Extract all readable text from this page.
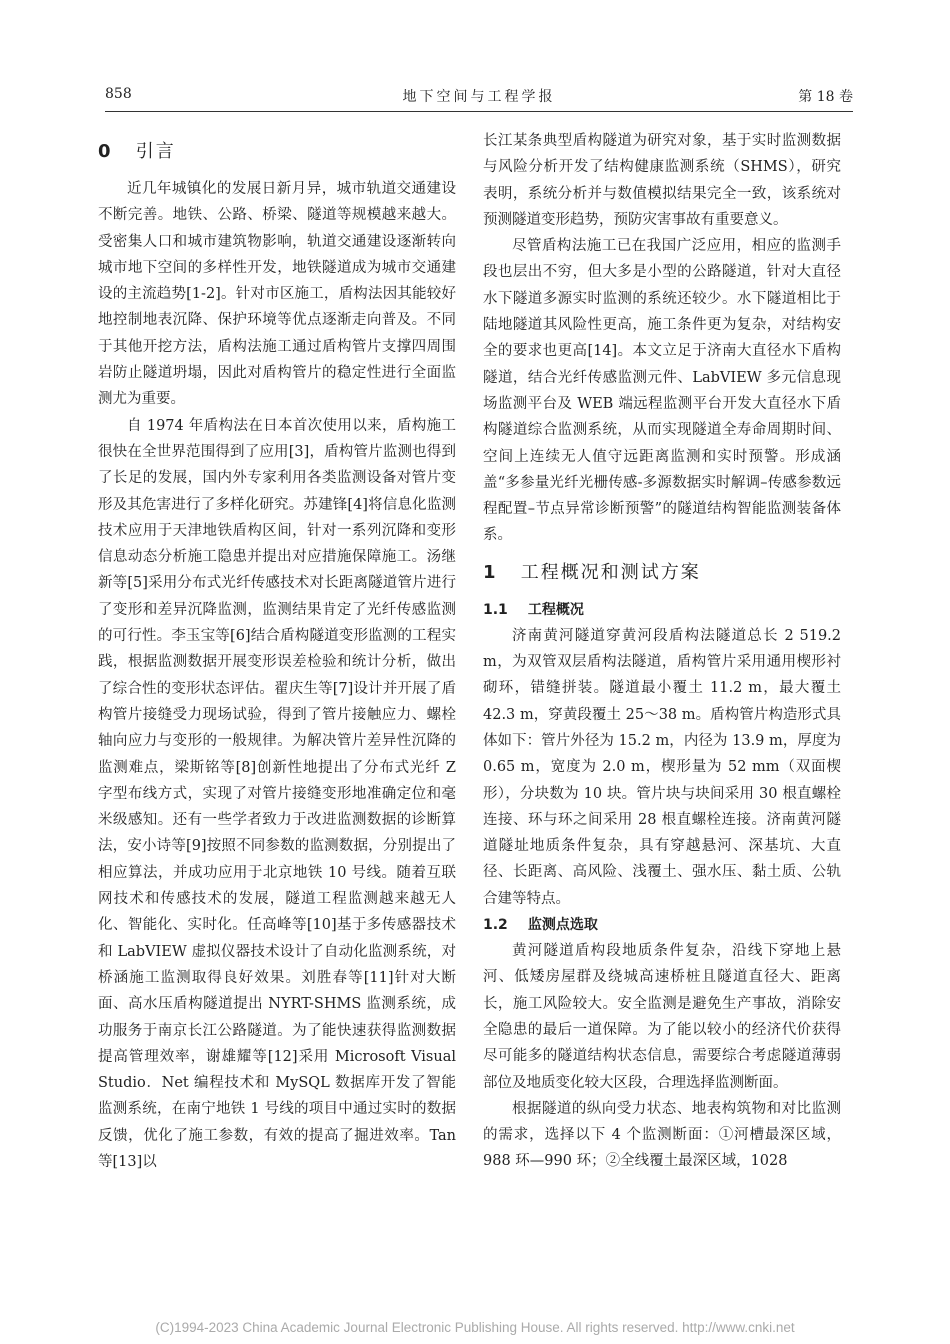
858	地下空间与工程学报	第 18 卷
0 引言

近几年城镇化的发展日新月异，城市轨道交通建设不断完善。地铁、公路、桥梁、隧道等规模越来越大。受密集人口和城市建筑物影响，轨道交通建设逐渐转向城市地下空间的多样性开发，地铁隧道成为城市交通建设的主流趋势[1-2]。针对市区施工，盾构法因其能较好地控制地表沉降、保护环境等优点逐渐走向普及。不同于其他开挖方法，盾构法施工通过盾构管片支撑四周围岩防止隧道坍塌，因此对盾构管片的稳定性进行全面监测尤为重要。

自 1974 年盾构法在日本首次使用以来，盾构施工很快在全世界范围得到了应用[3]，盾构管片监测也得到了长足的发展，国内外专家利用各类监测设备对管片变形及其危害进行了多样化研究。苏建锋[4]将信息化监测技术应用于天津地铁盾构区间，针对一系列沉降和变形信息动态分析施工隐患并提出对应措施保障施工。汤继新等[5]采用分布式光纤传感技术对长距离隧道管片进行了变形和差异沉降监测，监测结果肯定了光纤传感监测的可行性。李玉宝等[6]结合盾构隧道变形监测的工程实践，根据监测数据开展变形误差检验和统计分析，做出了综合性的变形状态评估。翟庆生等[7]设计并开展了盾构管片接缝受力现场试验，得到了管片接触应力、螺栓轴向应力与变形的一般规律。为解决管片差异性沉降的监测难点，梁斯铭等[8]创新性地提出了分布式光纤 Z 字型布线方式，实现了对管片接缝变形地准确定位和毫米级感知。还有一些学者致力于改进监测数据的诊断算法，安小诗等[9]按照不同参数的监测数据，分别提出了相应算法，并成功应用于北京地铁 10 号线。随着互联网技术和传感技术的发展，隧道工程监测越来越无人化、智能化、实时化。任高峰等[10]基于多传感器技术和 LabVIEW 虚拟仪器技术设计了自动化监测系统，对桥涵施工监测取得良好效果。刘胜春等[11]针对大断面、高水压盾构隧道提出 NYRT-SHMS 监测系统，成功服务于南京长江公路隧道。为了能快速获得监测数据提高管理效率，谢雄耀等[12]采用 Microsoft Visual Studio．Net 编程技术和 MySQL 数据库开发了智能监测系统，在南宁地铁 1 号线的项目中通过实时的数据反馈，优化了施工参数，有效的提高了掘进效率。Tan 等[13]以

长江某条典型盾构隧道为研究对象，基于实时监测数据与风险分析开发了结构健康监测系统（SHMS），研究表明，系统分析并与数值模拟结果完全一致，该系统对预测隧道变形趋势，预防灾害事故有重要意义。

尽管盾构法施工已在我国广泛应用，相应的监测手段也层出不穷，但大多是小型的公路隧道，针对大直径水下隧道多源实时监测的系统还较少。水下隧道相比于陆地隧道其风险性更高，施工条件更为复杂，对结构安全的要求也更高[14]。本文立足于济南大直径水下盾构隧道，结合光纤传感监测元件、LabVIEW 多元信息现场监测平台及 WEB 端远程监测平台开发大直径水下盾构隧道综合监测系统，从而实现隧道全寿命周期时间、空间上连续无人值守远距离监测和实时预警。形成涵盖“多参量光纤光栅传感-多源数据实时解调–传感参数远程配置–节点异常诊断预警”的隧道结构智能监测装备体系。

1 工程概况和测试方案
1.1 工程概况

济南黄河隧道穿黄河段盾构法隧道总长 2 519.2 m，为双管双层盾构法隧道，盾构管片采用通用楔形衬砌环，错缝拼装。隧道最小覆土 11.2 m，最大覆土 42.3 m，穿黄段覆土 25～38 m。盾构管片构造形式具体如下：管片外径为 15.2 m，内径为 13.9 m，厚度为 0.65 m，宽度为 2.0 m，楔形量为 52 mm（双面楔形），分块数为 10 块。管片块与块间采用 30 根直螺栓连接、环与环之间采用 28 根直螺栓连接。济南黄河隧道隧址地质条件复杂，具有穿越悬河、深基坑、大直径、长距离、高风险、浅覆土、强水压、黏土质、公轨合建等特点。

1.2 监测点选取

黄河隧道盾构段地质条件复杂，沿线下穿地上悬河、低矮房屋群及绕城高速桥桩且隧道直径大、距离长，施工风险较大。安全监测是避免生产事故，消除安全隐患的最后一道保障。为了能以较小的经济代价获得尽可能多的隧道结构状态信息，需要综合考虑隧道薄弱部位及地质变化较大区段，合理选择监测断面。

根据隧道的纵向受力状态、地表构筑物和对比监测的需求，选择以下 4 个监测断面：①河槽最深区域，988 环—990 环；②全线覆土最深区域，1028

(C)1994-2023 China Academic Journal Electronic Publishing House. All rights reserved. http://www.cnki.net
